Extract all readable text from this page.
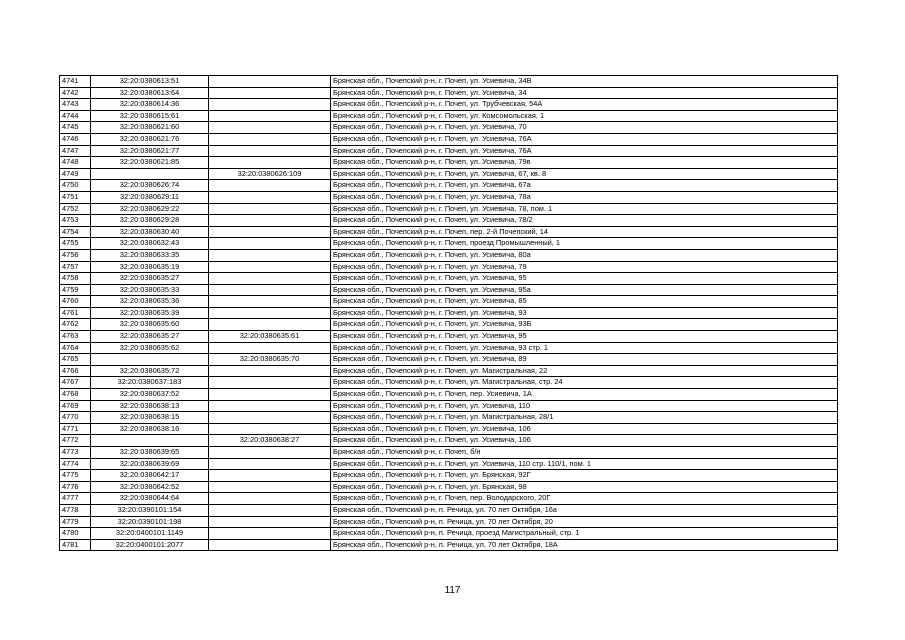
4741	32:20:0380613:51		Брянская обл., Почепский р-н, г. Почеп, ул. Усиевича, 34В
4742	32:20:0380613:64		Брянская обл., Почепский р-н, г. Почеп, ул. Усиевича, 34
4743	32:20:0380614:36		Брянская обл., Почепский р-н, г. Почеп, ул. Трубчевская, 54А
4744	32:20:0380615:61		Брянская обл., Почепский р-н, г. Почеп, ул. Комсомольская, 1
4745	32:20:0380621:60		Брянская обл., Почепский р-н, г. Почеп, ул. Усиевича, 70
4746	32:20:0380621:76		Брянская обл., Почепский р-н, г. Почеп, ул. Усиевича, 76А
4747	32:20:0380621:77		Брянская обл., Почепский р-н, г. Почеп, ул. Усиевича, 76А
4748	32:20:0380621:85		Брянская обл., Почепский р-н, г. Почеп, ул. Усиевича, 79в
4749		32:20:0380626:109	Брянская обл., Почепский р-н, г. Почеп, ул. Усиевича, 67, кв. 8
4750	32:20:0380626:74		Брянская обл., Почепский р-н, г. Почеп, ул. Усиевича, 67а
4751	32:20:0380629:11		Брянская обл., Почепский р-н, г. Почеп, ул. Усиевича, 78а
4752	32:20:0380629:22		Брянская обл., Почепский р-н, г. Почеп, ул. Усиевича, 78, пом. 1
4753	32:20:0380629:28		Брянская обл., Почепский р-н, г. Почеп, ул. Усиевича, 78/2
4754	32:20:0380630:40		Брянская обл., Почепский р-н, г. Почеп, пер. 2-й Почепский, 14
4755	32:20:0380632:43		Брянская обл., Почепский р-н, г. Почеп, проезд Промышленный, 1
4756	32:20:0380633:35		Брянская обл., Почепский р-н, г. Почеп, ул. Усиевича, 80а
4757	32:20:0380635:19		Брянская обл., Почепский р-н, г. Почеп, ул. Усиевича, 79
4758	32:20:0380635:27		Брянская обл., Почепский р-н, г. Почеп, ул. Усиевича, 95
4759	32:20:0380635:33		Брянская обл., Почепский р-н, г. Почеп, ул. Усиевича, 95а
4760	32:20:0380635:36		Брянская обл., Почепский р-н, г. Почеп, ул. Усиевича, 85
4761	32:20:0380635:39		Брянская обл., Почепский р-н, г. Почеп, ул. Усиевича, 93
4762	32:20:0380635:60		Брянская обл., Почепский р-н, г. Почеп, ул. Усиевича, 93Б
4763	32:20:0380635:27	32:20:0380635:61	Брянская обл., Почепский р-н, г. Почеп, ул. Усиевича, 95
4764	32:20:0380635:62		Брянская обл., Почепский р-н, г. Почеп, ул. Усиевича, 93 стр. 1
4765		32:20:0380635:70	Брянская обл., Почепский р-н, г. Почеп, ул. Усиевича, 89
4766	32:20:0380635:72		Брянская обл., Почепский р-н, г. Почеп, ул. Магистральная, 22
4767	32:20:0380637:183		Брянская обл., Почепский р-н, г. Почеп, ул. Магистральная, стр. 24
4768	32:20:0380637:52		Брянская обл., Почепский р-н, г. Почеп, пер. Усиевича, 1А
4769	32:20:0380638:13		Брянская обл., Почепский р-н, г. Почеп, ул. Усиевича, 110
4770	32:20:0380638:15		Брянская обл., Почепский р-н, г. Почеп, ул. Магистральная, 28/1
4771	32:20:0380638:16		Брянская обл., Почепский р-н, г. Почеп, ул. Усиевича, 106
4772		32:20:0380638:27	Брянская обл., Почепский р-н, г. Почеп, ул. Усиевича, 106
4773	32:20:0380639:65		Брянская обл., Почепский р-н, г. Почеп, б/н
4774	32:20:0380639:69		Брянская обл., Почепский р-н, г. Почеп, ул. Усиевича, 110 стр. 110/1, пом. 1
4775	32:20:0380642:17		Брянская обл., Почепский р-н, г. Почеп, ул. Брянская, 92Г
4776	32:20:0380642:52		Брянская обл., Почепский р-н, г. Почеп, ул. Брянская, 98
4777	32:20:0380644:64		Брянская обл., Почепский р-н, г. Почеп, пер. Володарского, 20Г
4778	32:20:0390101:154		Брянская обл., Почепский р-н, п. Речица, ул. 70 лет Октября, 16а
4779	32:20:0390101:198		Брянская обл., Почепский р-н, п. Речица, ул. 70 лет Октября, 20
4780	32:20:0400101:1149		Брянская обл., Почепский р-н, п. Речица, проезд Магистральный, стр. 1
4781	32:20:0400101:2077		Брянская обл., Почепский р-н, п. Речица, ул. 70 лет Октября, 18А
117
